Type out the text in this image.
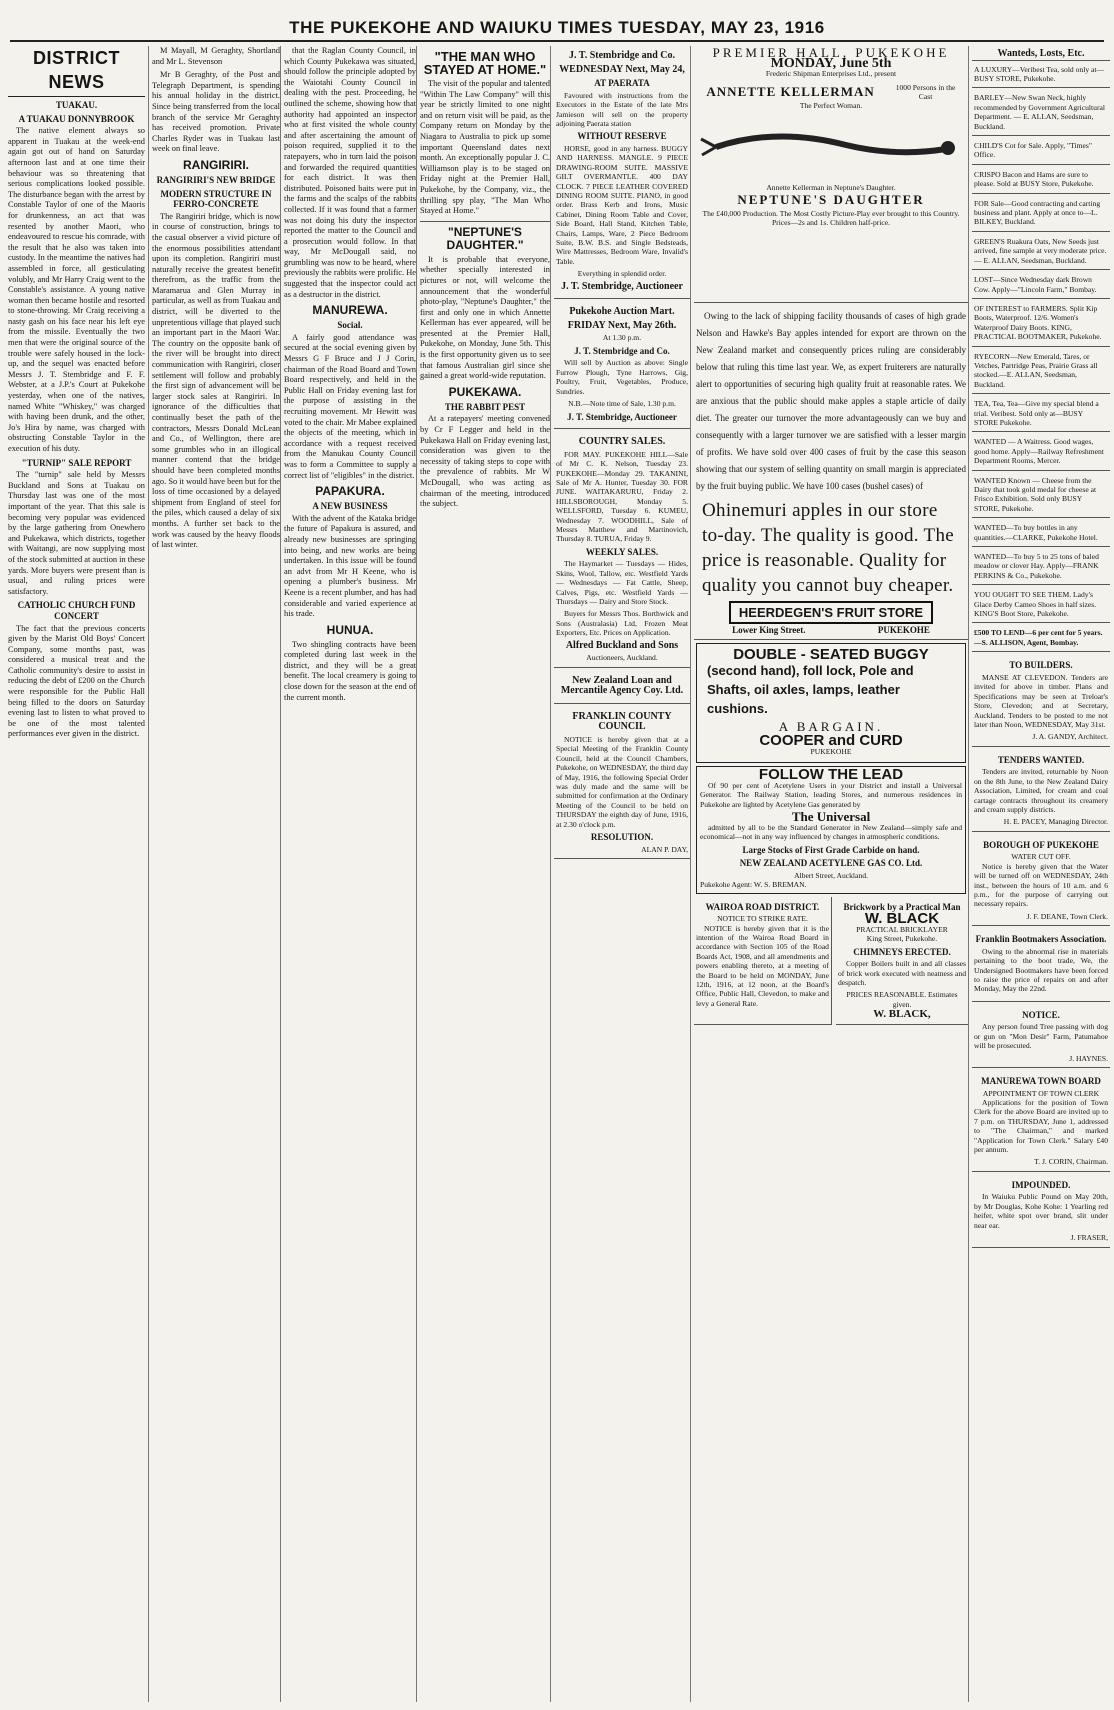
THE PUKEKOHE AND WAIUKU TIMES TUESDAY, MAY 23, 1916
DISTRICT NEWS
TUAKAU.
A TUAKAU DONNYBROOK

The native element always so apparent in Tuakau at the week-end again got out of hand on Saturday afternoon last and at one time their behaviour was so threatening that serious complications looked possible. The disturbance began with the arrest by Constable Taylor of one of the Maoris for drunkenness, an act that was resented by another Maori, who endeavoured to rescue his comrade, with the result that he also was taken into custody. In the meantime the natives had assembled in force, all gesticulating volubly, and Mr Harry Craig went to the Constable's assistance. A young native woman then became hostile and resorted to stone-throwing. Mr Craig receiving a nasty gash on his face near his left eye from the missile. Eventually the two men that were the original source of the trouble were safely housed in the lock-up, and the sequel was enacted before Messrs J. T. Stembridge and F. F. Webster, at a J.P.'s Court at Pukekohe yesterday, when one of the natives, named White "Whiskey," was charged with having been drunk, and the other, Jo's Hira by name, was charged with obstructing Constable Taylor in the execution of his duty.

"TURNIP" SALE REPORT

The "turnip" sale held by Messrs Buckland and Sons at Tuakau on Thursday last was one of the most important of the year. That this sale is becoming very popular was evidenced by the large gathering from Onewhero and Pukekawa, which districts, together with Waitangi, are now supplying most of the stock submitted at auction in these yards. More buyers were present than is usual, and ruling prices were satisfactory.

CATHOLIC CHURCH FUND CONCERT

The fact that the previous concerts given by the Marist Old Boys' Concert Company, some months past, was considered a musical treat and the Catholic community's desire to assist in reducing the debt of £200 on the Church were responsible for the Public Hall being filled to the doors on Saturday evening last to listen to what proved to be one of the most talented performances ever given in the district.

M Mayall, M Geraghty, Shortland and Mr L. Stevenson

Mr B Geraghty, of the Post and Telegraph Department, is spending his annual holiday in the district. Since being transferred from the local branch of the service Mr Geraghty has received promotion. Private Charles Ryder was in Tuakau last week on final leave.

RANGIRIRI.
RANGIRIRI'S NEW BRIDGE
MODERN STRUCTURE IN FERRO-CONCRETE

The Rangiriri bridge, which is now in course of construction, brings to the casual observer a vivid picture of the enormous possibilities attendant upon its completion. Rangiriri must naturally receive the greatest benefit therefrom, as the traffic from the Maramarua and Glen Murray in particular, as well as from Tuakau and district, will be diverted to the unpretentious village that played such an important part in the Maori War. The country on the opposite bank of the river will be brought into direct communication with Rangiriri, closer settlement will follow and probably the first sign of advancement will be larger stock sales at Rangiriri. In ignorance of the difficulties that continually beset the path of the contractors, Messrs Donald McLean and Co., of Wellington, there are some grumbles who in an illogical manner contend that the bridge should have been completed months ago. So it would have been but for the loss of time occasioned by a delayed shipment from England of steel for the piles, which caused a delay of six months. A further set back to the work was caused by the heavy floods of last winter.

that the Raglan County Council, in which County Pukekawa was situated, should follow the principle adopted by the Waiotahi County Council in dealing with the pest. Proceeding, he outlined the scheme, showing how that authority had appointed an inspector who at first visited the whole county and after ascertaining the amount of poison required, supplied it to the ratepayers, who in turn laid the poison and forwarded the required quantities for each district. It was then distributed. Poisoned baits were put in the farms and the scalps of the rabbits collected. If it was found that a farmer was not doing his duty the inspector reported the matter to the Council and a prosecution would follow. In that way, Mr McDougall said, no grumbling was now to be heard, where previously the rabbits were prolific. He suggested that the inspector could act as a destructor in the district.

MANUREWA.
Social.

A fairly good attendance was secured at the social evening given by Messrs G F Bruce and J J Corin, chairman of the Road Board and Town Board respectively, and held in the Public Hall on Friday evening last for the purpose of assisting in the recruiting movement. Mr Hewitt was voted to the chair. Mr Mabee explained the objects of the meeting, which in accordance with a request received from the Manukau County Council was to form a Committee to supply a correct list of "eligibles" in the district.

PAPAKURA.
A NEW BUSINESS

With the advent of the Kataka bridge the future of Papakura is assured, and already new businesses are springing into being, and new works are being undertaken. In this issue will be found an advt from Mr H Keene, who is opening a plumber's business. Mr Keene is a recent plumber, and has had considerable and varied experience at his trade.

HUNUA.

Two shingling contracts have been completed during last week in the district, and they will be a great benefit. The local creamery is going to close down for the season at the end of the current month.

"THE MAN WHO STAYED AT HOME."

The visit of the popular and talented "Within The Law Company" will this year be strictly limited to one night and on return visit will be paid, as the Company return on Monday by the Niagara to Australia to pick up some important Queensland dates next month. An exceptionally popular J. C. Williamson play is to be staged on Friday night at the Premier Hall, Pukekohe, by the Company, viz., the thrilling spy play, "The Man Who Stayed at Home."

"NEPTUNE'S DAUGHTER."

It is probable that everyone, whether specially interested in pictures or not, will welcome the announcement that the wonderful photo-play, "Neptune's Daughter," the first and only one in which Annette Kellerman has ever appeared, will be presented at the Premier Hall, Pukekohe, on Monday, June 5th. This is the first opportunity given us to see that famous Australian girl since she gained a great world-wide reputation.

PUKEKAWA.
THE RABBIT PEST

At a ratepayers' meeting convened by Cr F Legger and held in the Pukekawa Hall on Friday evening last, consideration was given to the necessity of taking steps to cope with the prevalence of rabbits. Mr W McDougall, who was acting as chairman of the meeting, introduced the subject.

J. T. Stembridge and Co.
WEDNESDAY Next, May 24,
AT PAERATA

Favoured with instructions from the Executors in the Estate of the late Mrs Jamieson will sell on the property adjoining Paerata station

WITHOUT RESERVE

HORSE, good in any harness. BUGGY AND HARNESS. MANGLE. 9 PIECE DRAWING-ROOM SUITE. MASSIVE GILT OVERMANTLE. 400 DAY CLOCK. 7 PIECE LEATHER COVERED DINING ROOM SUITE. PIANO, in good order. Brass Kerb and Irons, Music Cabinet, Dining Room Table and Cover, Side Board, Hall Stand, Kitchen Table, Chairs, Lamps, Ware, 2 Piece Bedroom Suite, B.W. B.S. and Single Bedsteads, Wire Mattresses, Bedroom Ware, Invalid's Table.

Everything in splendid order.
J. T. Stembridge, Auctioneer
Pukekohe Auction Mart.
FRIDAY Next, May 26th.
At 1.30 p.m.
J. T. Stembridge and Co.

Will sell by Auction as above: Single Furrow Plough, Tyne Harrows, Gig, Poultry, Fruit, Vegetables, Produce, Sundries.

N.B.—Note time of Sale, 1.30 p.m.
J. T. Stembridge, Auctioneer
COUNTRY SALES.

FOR MAY. PUKEKOHE HILL—Sale of Mr C. K. Nelson, Tuesday 23. PUKEKOHE—Monday 29. TAKANINI, Sale of Mr A. Hunter, Tuesday 30. FOR JUNE. WAITAKARURU, Friday 2. HILLSBOROUGH, Monday 5. WELLSFORD, Tuesday 6. KUMEU, Wednesday 7. WOODHILL, Sale of Messrs Matthew and Martinovich, Thursday 8. TURUA, Friday 9.

WEEKLY SALES.

The Haymarket — Tuesdays — Hides, Skins, Wool, Tallow, etc. Westfield Yards — Wednesdays — Fat Cattle, Sheep, Calves, Pigs, etc. Westfield Yards — Thursdays — Dairy and Store Stock.

Buyers for Messrs Thos. Borthwick and Sons (Australasia) Ltd, Frozen Meat Exporters, Etc. Prices on Application.

Alfred Buckland and Sons
Auctioneers, Auckland.
New Zealand Loan and Mercantile Agency Coy. Ltd.
FRANKLIN COUNTY COUNCIL

NOTICE is hereby given that at a Special Meeting of the Franklin County Council, held at the Council Chambers, Pukekohe, on WEDNESDAY, the third day of May, 1916, the following Special Order was duly made and the same will be submitted for confirmation at the Ordinary Meeting of the Council to be held on THURSDAY the eighth day of June, 1916, at 2.30 o'clock p.m.

RESOLUTION.
ALAN P. DAY,
PREMIER HALL, PUKEKOHE
MONDAY, June 5th
Frederic Shipman Enterprises Ltd., present
ANNETTE KELLERMAN	1000 Persons in the Cast
The Perfect Woman.
Annette Kellerman in Neptune's Daughter.
NEPTUNE'S DAUGHTER
The £40,000 Production. The Most Costly Picture-Play ever brought to this Country. Prices—2s and 1s. Children half-price.

Owing to the lack of shipping facility thousands of cases of high grade Nelson and Hawke's Bay apples intended for export are thrown on the New Zealand market and consequently prices ruling are considerably below that ruling this time last year. We, as expert fruiterers are naturally alert to opportunities of securing high quality fruit at reasonable rates. We are anxious that the public should make apples a staple article of daily diet. The greater our turnover the more advantageously can we buy and consequently with a larger turnover we are satisfied with a lesser margin of profits. We have sold over 400 cases of fruit by the case this season showing that our system of selling quantity on small margin is appreciated by the fruit buying public. We have 100 cases (bushel cases) of

Ohinemuri apples in our store to-day. The quality is good. The price is reasonable. Quality for quality you cannot buy cheaper.
HEERDEGEN'S FRUIT STORE
Lower King Street.	PUKEKOHE
DOUBLE - SEATED BUGGY
(second hand), foll lock, Pole and
Shafts, oil axles, lamps, leather
cushions.
A BARGAIN.
COOPER and CURD
PUKEKOHE
FOLLOW THE LEAD

Of 90 per cent of Acetylene Users in your District and install a Universal Generator. The Railway Station, leading Stores, and numerous residences in Pukekohe are lighted by Acetylene Gas generated by

The Universal

admitted by all to be the Standard Generator in New Zealand—simply safe and economical—not in any way influenced by changes in atmospheric conditions.

Large Stocks of First Grade Carbide on hand.
NEW ZEALAND ACETYLENE GAS CO. Ltd.
Albert Street, Auckland.
Pukekohe Agent: W. S. BREMAN.
WAIROA ROAD DISTRICT.
NOTICE TO STRIKE RATE.

NOTICE is hereby given that it is the intention of the Wairoa Road Board in accordance with Section 105 of the Road Boards Act, 1908, and all amendments and powers enabling thereto, at a meeting of the Board to be held on MONDAY, June 12th, 1916, at 12 noon, at the Board's Office, Public Hall, Clevedon, to make and levy a General Rate.

Brickwork by a Practical Man
W. BLACK
PRACTICAL BRICKLAYER
King Street, Pukekohe.
CHIMNEYS ERECTED.

Copper Boilers built in and all classes of brick work executed with neatness and despatch.

PRICES REASONABLE. Estimates given.
W. BLACK,
Wanteds, Losts, Etc.
A LUXURY—Veribest Tea, sold only at—BUSY STORE, Pukekohe.
BARLEY—New Swan Neck, highly recommended by Government Agricultural Department. — E. ALLAN, Seedsman, Buckland.
CHILD'S Cot for Sale. Apply, "Times" Office.
CRISPO Bacon and Hams are sure to please. Sold at BUSY Store, Pukekohe.
FOR Sale—Good contracting and carting business and plant. Apply at once to—L. BILKEY, Buckland.
GREEN'S Ruakura Oats, New Seeds just arrived, fine sample at very moderate price. — E. ALLAN, Seedsman, Buckland.
LOST—Since Wednesday dark Brown Cow. Apply—"Lincoln Farm," Bombay.
OF INTEREST to FARMERS. Split Kip Boots, Waterproof. 12/6. Women's Waterproof Dairy Boots. KING, PRACTICAL BOOTMAKER, Pukekohe.
RYECORN—New Emerald, Tares, or Vetches, Partridge Peas, Prairie Grass all stocked.—E. ALLAN, Seedsman, Buckland.
TEA, Tea, Tea—Give my special blend a trial. Veribest. Sold only at—BUSY STORE Pukekohe.
WANTED — A Waitress. Good wages, good home. Apply—Railway Refreshment Department Rooms, Mercer.
WANTED Known — Cheese from the Dairy that took gold medal for cheese at Frisco Exhibition. Sold only BUSY STORE, Pukekohe.
WANTED—To buy bottles in any quantities.—CLARKE, Pukekohe Hotel.
WANTED—To buy 5 to 25 tons of baled meadow or clover Hay. Apply—FRANK PERKINS & Co., Pukekohe.
YOU OUGHT TO SEE THEM. Lady's Glace Derby Cameo Shoes in half sizes. KING'S Boot Store, Pukekohe.
£500 TO LEND—6 per cent for 5 years.—S. ALLISON, Agent, Bombay.
TO BUILDERS.

MANSE AT CLEVEDON. Tenders are invited for above in timber. Plans and Specifications may be seen at Treloar's Store, Clevedon; and at Secretary, Auckland. Tenders to be posted to me not later than Noon, WEDNESDAY, May 31st.

J. A. GANDY, Architect.
TENDERS WANTED.

Tenders are invited, returnable by Noon on the 8th June, to the New Zealand Dairy Association, Limited, for cream and coal cartage contracts throughout its creamery and cream supply districts.

H. E. PACEY, Managing Director.
BOROUGH OF PUKEKOHE
WATER CUT OFF.

Notice is hereby given that the Water will be turned off on WEDNESDAY, 24th inst., between the hours of 10 a.m. and 6 p.m., for the purpose of carrying out necessary repairs.

J. F. DEANE, Town Clerk.
Franklin Bootmakers Association.

Owing to the abnormal rise in materials pertaining to the boot trade, We, the Undersigned Bootmakers have been forced to raise the price of repairs on and after Monday, May the 22nd.

NOTICE.

Any person found Tree passing with dog or gun on "Mon Desir" Farm, Patumahoe will be prosecuted.

J. HAYNES.
MANUREWA TOWN BOARD
APPOINTMENT OF TOWN CLERK

Applications for the position of Town Clerk for the above Board are invited up to 7 p.m. on THURSDAY, June 1, addressed to "The Chairman," and marked "Application for Town Clerk." Salary £40 per annum.

T. J. CORIN, Chairman.
IMPOUNDED.

In Waiuku Public Pound on May 20th, by Mr Douglas, Kohe Kohe: 1 Yearling red heifer, white spot over brand, slit under near ear.

J. FRASER,
